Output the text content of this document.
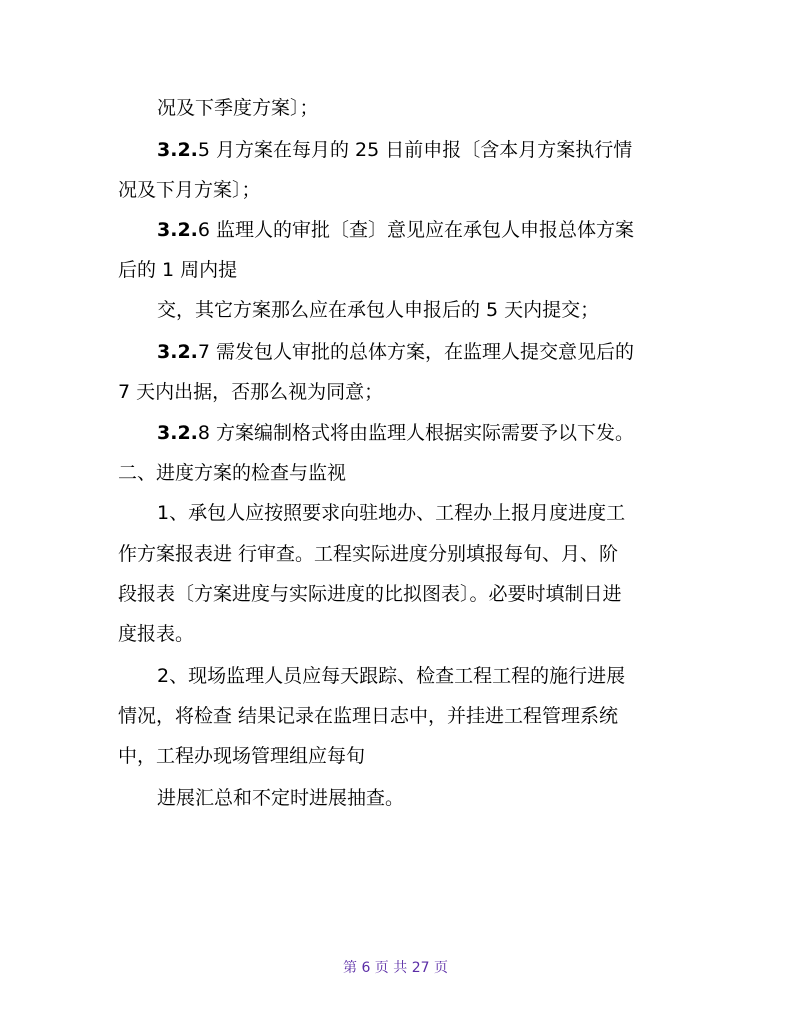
况及下季度方案〕；
3.2.5 月方案在每月的 25 日前申报〔含本月方案执行情
况及下月方案〕；
3.2.6 监理人的审批〔查〕意见应在承包人申报总体方案
后的 1 周内提
交，其它方案那么应在承包人申报后的 5 天内提交；
3.2.7 需发包人审批的总体方案，在监理人提交意见后的
7 天内出据，否那么视为同意；
3.2.8 方案编制格式将由监理人根据实际需要予以下发。
二、进度方案的检查与监视
1、承包人应按照要求向驻地办、工程办上报月度进度工
作方案报表进 行审查。工程实际进度分别填报每旬、月、阶
段报表〔方案进度与实际进度的比拟图表〕。必要时填制日进
度报表。
2、现场监理人员应每天跟踪、检查工程工程的施行进展
情况，将检查 结果记录在监理日志中，并挂进工程管理系统
中，工程办现场管理组应每旬
进展汇总和不定时进展抽查。
第 6 页 共 27 页
